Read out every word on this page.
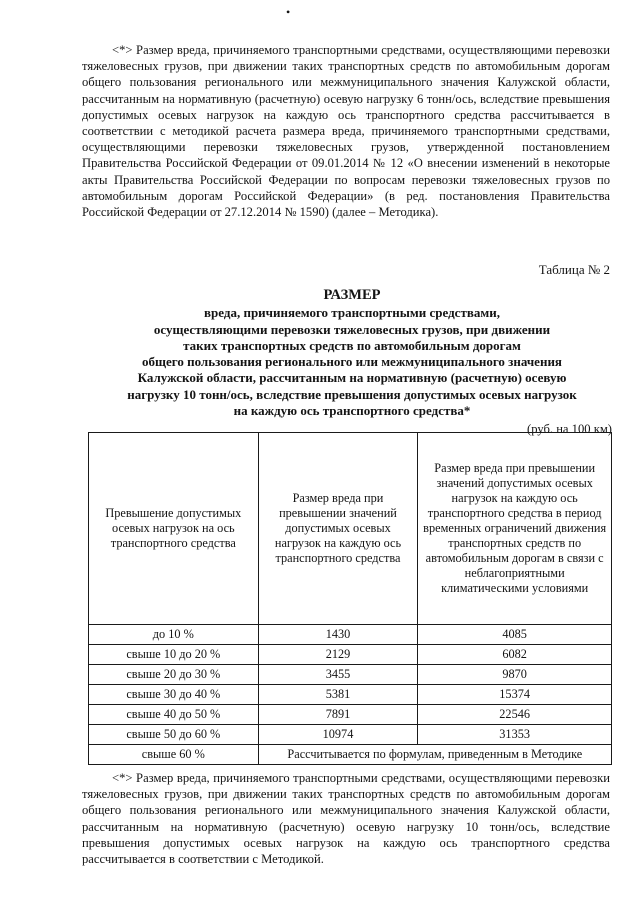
•

<*> Размер вреда, причиняемого транспортными средствами, осуществляющими перевозки тяжеловесных грузов, при движении таких транспортных средств по автомобильным дорогам общего пользования регионального или межмуниципального значения Калужской области, рассчитанным на нормативную (расчетную) осевую нагрузку 6 тонн/ось, вследствие превышения допустимых осевых нагрузок на каждую ось транспортного средства рассчитывается в соответствии с методикой расчета размера вреда, причиняемого транспортными средствами, осуществляющими перевозки тяжеловесных грузов, утвержденной постановлением Правительства Российской Федерации от 09.01.2014 № 12 «О внесении изменений в некоторые акты Правительства Российской Федерации по вопросам перевозки тяжеловесных грузов по автомобильным дорогам Российской Федерации» (в ред. постановления Правительства Российской Федерации от 27.12.2014 № 1590) (далее – Методика).

Таблица № 2
РАЗМЕР
вреда, причиняемого транспортными средствами,
осуществляющими перевозки тяжеловесных грузов, при движении
таких транспортных средств по автомобильным дорогам
общего пользования регионального или межмуниципального значения
Калужской области, рассчитанным на нормативную (расчетную) осевую
нагрузку 10 тонн/ось, вследствие превышения допустимых осевых нагрузок
на каждую ось транспортного средства*
(руб. на 100 км)
Превышение допустимых осевых нагрузок на ось транспортного средства	Размер вреда при превышении значений допустимых осевых нагрузок на каждую ось транспортного средства	Размер вреда при превышении значений допустимых осевых нагрузок на каждую ось транспортного средства в период временных ограничений движения транспортных средств по автомобильным дорогам в связи с неблагоприятными климатическими условиями
до 10 %	1430	4085
свыше 10 до 20 %	2129	6082
свыше 20 до 30 %	3455	9870
свыше 30 до 40 %	5381	15374
свыше 40 до 50 %	7891	22546
свыше 50 до 60 %	10974	31353
свыше 60 %	Рассчитывается по формулам, приведенным в Методике	

<*> Размер вреда, причиняемого транспортными средствами, осуществляющими перевозки тяжеловесных грузов, при движении таких транспортных средств по автомобильным дорогам общего пользования регионального или межмуниципального значения Калужской области, рассчитанным на нормативную (расчетную) осевую нагрузку 10 тонн/ось, вследствие превышения допустимых осевых нагрузок на каждую ось транспортного средства рассчитывается в соответствии с Методикой.
